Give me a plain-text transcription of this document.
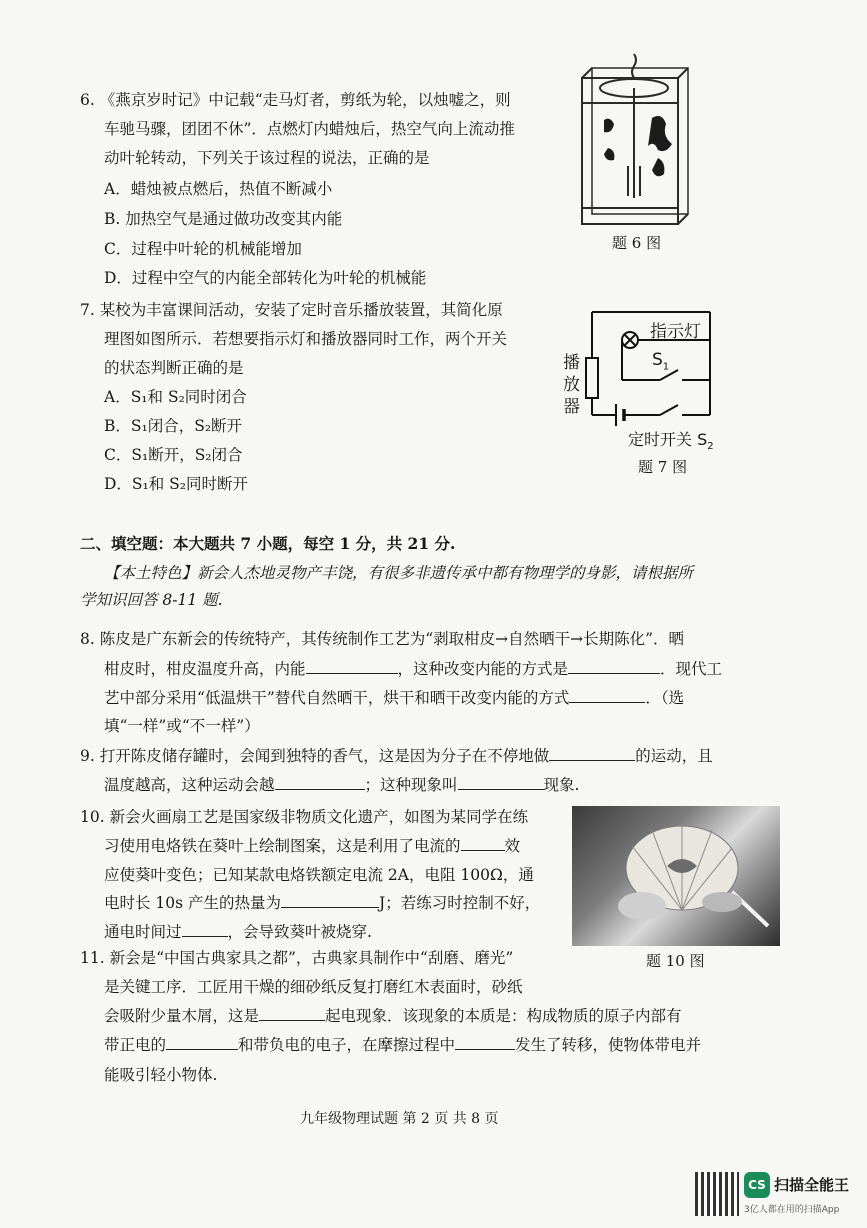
6. 《燕京岁时记》中记载“走马灯者，剪纸为轮，以烛嘘之，则
车驰马骤，团团不休”．点燃灯内蜡烛后，热空气向上流动推
动叶轮转动，下列关于该过程的说法，正确的是
A．蜡烛被点燃后，热值不断减小
B. 加热空气是通过做功改变其内能
C．过程中叶轮的机械能增加
D．过程中空气的内能全部转化为叶轮的机械能
题 6 图
7. 某校为丰富课间活动，安装了定时音乐播放装置，其简化原
理图如图所示．若想要指示灯和播放器同时工作，两个开关
的状态判断正确的是
A．S₁和 S₂同时闭合
B．S₁闭合，S₂断开
C．S₁断开，S₂闭合
D．S₁和 S₂同时断开
指示灯
$S_1$
播
放
器
定时开关 $S_2$
题 7 图
二、填空题：本大题共 7 小题，每空 1 分，共 21 分.
【本土特色】新会人杰地灵物产丰饶，有很多非遗传承中都有物理学的身影，请根据所
学知识回答 8-11 题.
8. 陈皮是广东新会的传统特产，其传统制作工艺为“剥取柑皮→自然晒干→长期陈化”．晒
柑皮时，柑皮温度升高，内能	，这种改变内能的方式是	．现代工
艺中部分采用“低温烘干”替代自然晒干，烘干和晒干改变内能的方式	．（选
填“一样”或“不一样”）
9. 打开陈皮储存罐时，会闻到独特的香气，这是因为分子在不停地做	的运动，且
温度越高，这种运动会越	；这种现象叫	现象.
10. 新会火画扇工艺是国家级非物质文化遗产，如图为某同学在练
习使用电烙铁在葵叶上绘制图案，这是利用了电流的	效
应使葵叶变色；已知某款电烙铁额定电流 2A，电阻 100Ω，通
电时长 10s 产生的热量为	J；若练习时控制不好，
通电时间过	，会导致葵叶被烧穿.
题 10 图
11. 新会是“中国古典家具之都”，古典家具制作中“刮磨、磨光”
是关键工序．工匠用干燥的细砂纸反复打磨红木表面时，砂纸
会吸附少量木屑，这是	起电现象．该现象的本质是：构成物质的原子内部有
带正电的	和带负电的电子，在摩擦过程中	发生了转移，使物体带电并
能吸引轻小物体.
九年级物理试题 第 2 页 共 8 页
CS 扫描全能王
3亿人都在用的扫描App
